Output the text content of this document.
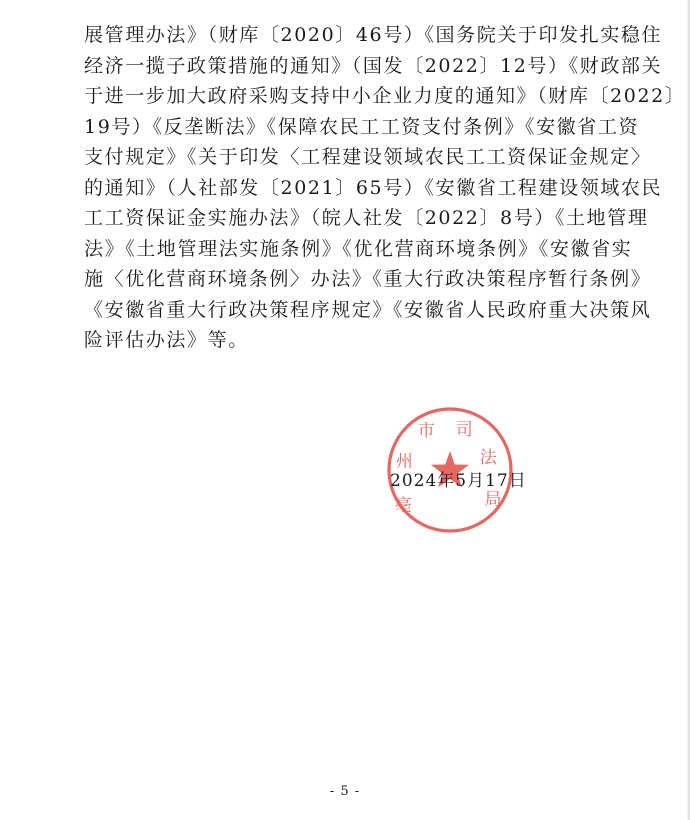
展管理办法》（财库〔2020〕46号）《国务院关于印发扎实稳住
经济一揽子政策措施的通知》（国发〔2022〕12号）《财政部关
于进一步加大政府采购支持中小企业力度的通知》（财库〔2022〕
19号）《反垄断法》《保障农民工工资支付条例》《安徽省工资
支付规定》《关于印发〈工程建设领域农民工工资保证金规定〉
的通知》（人社部发〔2021〕65号）《安徽省工程建设领域农民
工工资保证金实施办法》（皖人社发〔2022〕8号）《土地管理
法》《土地管理法实施条例》《优化营商环境条例》《安徽省实
施〈优化营商环境条例〉办法》《重大行政决策程序暂行条例》
《安徽省重大行政决策程序规定》《安徽省人民政府重大决策风
险评估办法》等。
亳 州 市 司 法 局
2024年5月17日
- 5 -
